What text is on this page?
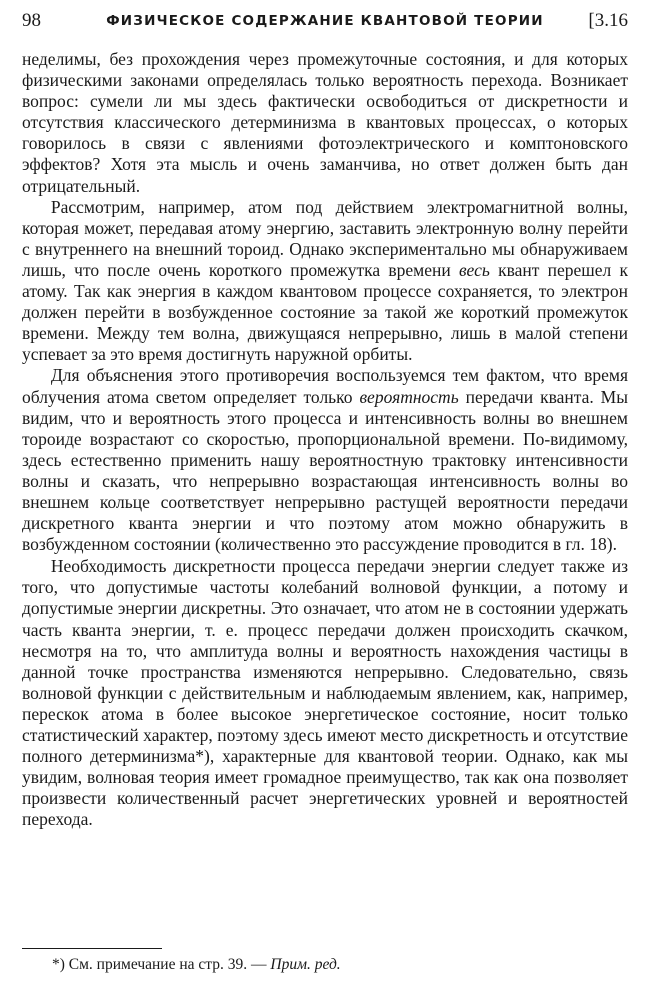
98	ФИЗИЧЕСКОЕ СОДЕРЖАНИЕ КВАНТОВОЙ ТЕОРИИ	[3.16

неделимы, без прохождения через промежуточные состояния, и для которых физическими законами определялась только вероятность перехода. Возникает вопрос: сумели ли мы здесь фактически освободиться от дискретности и отсутствия классического детерминизма в квантовых процессах, о которых говорилось в связи с явлениями фотоэлектрического и комптоновского эффектов? Хотя эта мысль и очень заманчива, но ответ должен быть дан отрицательный.

Рассмотрим, например, атом под действием электромагнитной волны, которая может, передавая атому энергию, заставить электронную волну перейти с внутреннего на внешний тороид. Однако экспериментально мы обнаруживаем лишь, что после очень короткого промежутка времени весь квант перешел к атому. Так как энергия в каждом квантовом процессе сохраняется, то электрон должен перейти в возбужденное состояние за такой же короткий промежуток времени. Между тем волна, движущаяся непрерывно, лишь в малой степени успевает за это время достигнуть наружной орбиты.

Для объяснения этого противоречия воспользуемся тем фактом, что время облучения атома светом определяет только вероятность передачи кванта. Мы видим, что и вероятность этого процесса и интенсивность волны во внешнем тороиде возрастают со скоростью, пропорциональной времени. По-видимому, здесь естественно применить нашу вероятностную трактовку интенсивности волны и сказать, что непрерывно возрастающая интенсивность волны во внешнем кольце соответствует непрерывно растущей вероятности передачи дискретного кванта энергии и что поэтому атом можно обнаружить в возбужденном состоянии (количественно это рассуждение проводится в гл. 18).

Необходимость дискретности процесса передачи энергии следует также из того, что допустимые частоты колебаний волновой функции, а потому и допустимые энергии дискретны. Это означает, что атом не в состоянии удержать часть кванта энергии, т. е. процесс передачи должен происходить скачком, несмотря на то, что амплитуда волны и вероятность нахождения частицы в данной точке пространства изменяются непрерывно. Следовательно, связь волновой функции с действительным и наблюдаемым явлением, как, например, перескок атома в более высокое энергетическое состояние, носит только статистический характер, поэтому здесь имеют место дискретность и отсутствие полного детерминизма*), характерные для квантовой теории. Однако, как мы увидим, волновая теория имеет громадное преимущество, так как она позволяет произвести количественный расчет энергетических уровней и вероятностей перехода.

*) См. примечание на стр. 39. — Прим. ред.
